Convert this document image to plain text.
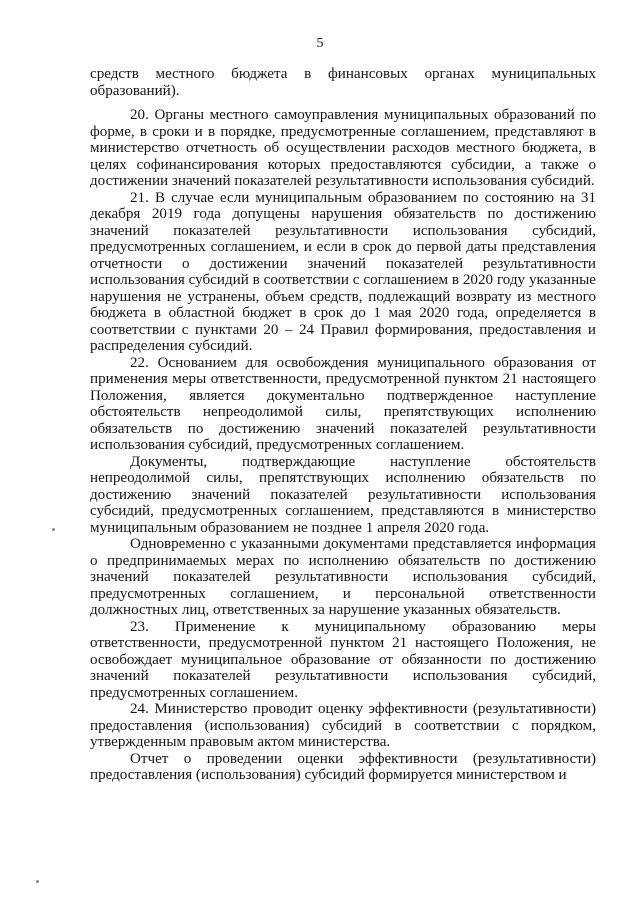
5

средств местного бюджета в финансовых органах муниципальных образований).

20. Органы местного самоуправления муниципальных образований по форме, в сроки и в порядке, предусмотренные соглашением, представляют в министерство отчетность об осуществлении расходов местного бюджета, в целях софинансирования которых предоставляются субсидии, а также о достижении значений показателей результативности использования субсидий.

21. В случае если муниципальным образованием по состоянию на 31 декабря 2019 года допущены нарушения обязательств по достижению значений показателей результативности использования субсидий, предусмотренных соглашением, и если в срок до первой даты представления отчетности о достижении значений показателей результативности использования субсидий в соответствии с соглашением в 2020 году указанные нарушения не устранены, объем средств, подлежащий возврату из местного бюджета в областной бюджет в срок до 1 мая 2020 года, определяется в соответствии с пунктами 20 – 24 Правил формирования, предоставления и распределения субсидий.

22. Основанием для освобождения муниципального образования от применения меры ответственности, предусмотренной пунктом 21 настоящего Положения, является документально подтвержденное наступление обстоятельств непреодолимой силы, препятствующих исполнению обязательств по достижению значений показателей результативности использования субсидий, предусмотренных соглашением.

Документы, подтверждающие наступление обстоятельств непреодолимой силы, препятствующих исполнению обязательств по достижению значений показателей результативности использования субсидий, предусмотренных соглашением, представляются в министерство муниципальным образованием не позднее 1 апреля 2020 года.

Одновременно с указанными документами представляется информация о предпринимаемых мерах по исполнению обязательств по достижению значений показателей результативности использования субсидий, предусмотренных соглашением, и персональной ответственности должностных лиц, ответственных за нарушение указанных обязательств.

23. Применение к муниципальному образованию меры ответственности, предусмотренной пунктом 21 настоящего Положения, не освобождает муниципальное образование от обязанности по достижению значений показателей результативности использования субсидий, предусмотренных соглашением.

24. Министерство проводит оценку эффективности (результативности) предоставления (использования) субсидий в соответствии с порядком, утвержденным правовым актом министерства.

Отчет о проведении оценки эффективности (результативности) предоставления (использования) субсидий формируется министерством и
